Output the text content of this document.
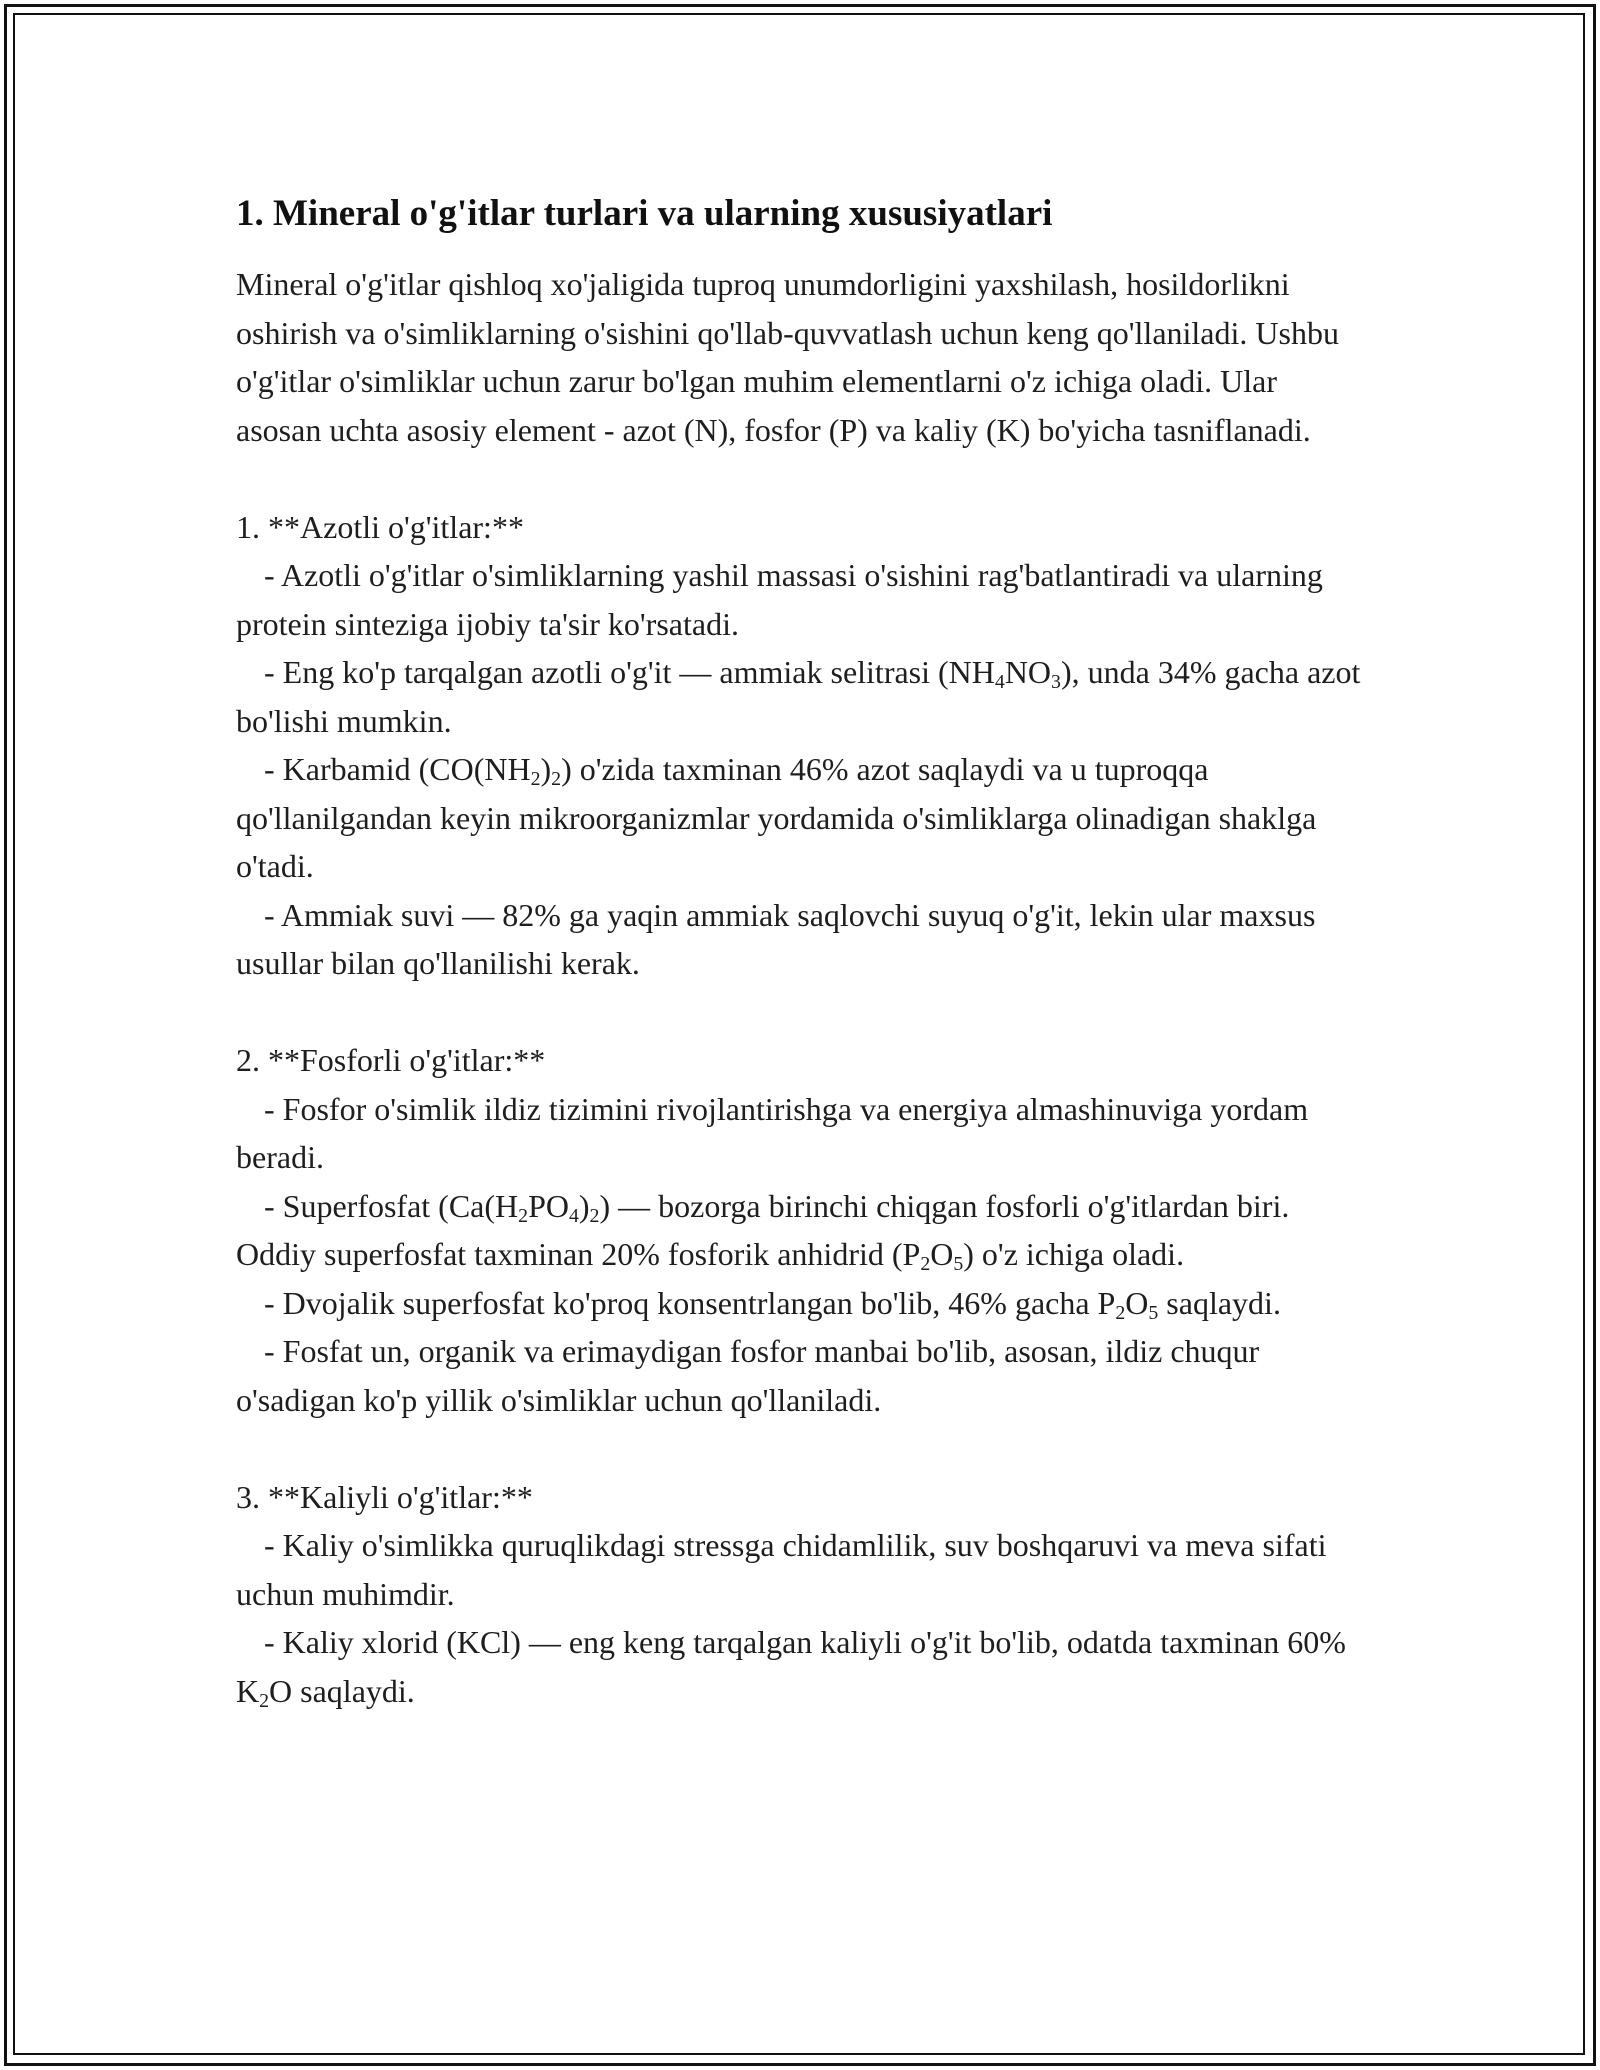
1. Mineral o'g'itlar turlari va ularning xususiyatlari

Mineral o'g'itlar qishloq xo'jaligida tuproq unumdorligini yaxshilash, hosildorlikni oshirish va o'simliklarning o'sishini qo'llab-quvvatlash uchun keng qo'llaniladi. Ushbu o'g'itlar o'simliklar uchun zarur bo'lgan muhim elementlarni o'z ichiga oladi. Ular asosan uchta asosiy element - azot (N), fosfor (P) va kaliy (K) bo'yicha tasniflanadi.

1. **Azotli o'g'itlar:**

- Azotli o'g'itlar o'simliklarning yashil massasi o'sishini rag'batlantiradi va ularning protein sinteziga ijobiy ta'sir ko'rsatadi.

- Eng ko'p tarqalgan azotli o'g'it — ammiak selitrasi $(NH_4NO_3)$, unda 34% gacha azot bo'lishi mumkin.

- Karbamid $(CO(NH_2)_2)$ o'zida taxminan 46% azot saqlaydi va u tuproqqa qo'llanilgandan keyin mikroorganizmlar yordamida o'simliklarga olinadigan shaklga o'tadi.

- Ammiak suvi — 82% ga yaqin ammiak saqlovchi suyuq o'g'it, lekin ular maxsus usullar bilan qo'llanilishi kerak.

2. **Fosforli o'g'itlar:**

- Fosfor o'simlik ildiz tizimini rivojlantirishga va energiya almashinuviga yordam beradi.

- Superfosfat $(Ca(H_2PO_4)_2)$ — bozorga birinchi chiqgan fosforli o'g'itlardan biri. Oddiy superfosfat taxminan 20% fosforik anhidrid $(P_2O_5)$ o'z ichiga oladi.

- Dvojalik superfosfat ko'proq konsentrlangan bo'lib, 46% gacha $P_2O_5$ saqlaydi.

- Fosfat un, organik va erimaydigan fosfor manbai bo'lib, asosan, ildiz chuqur o'sadigan ko'p yillik o'simliklar uchun qo'llaniladi.

3. **Kaliyli o'g'itlar:**

- Kaliy o'simlikka quruqlikdagi stressga chidamlilik, suv boshqaruvi va meva sifati uchun muhimdir.

- Kaliy xlorid (KCl) — eng keng tarqalgan kaliyli o'g'it bo'lib, odatda taxminan 60% $K_2O$ saqlaydi.
